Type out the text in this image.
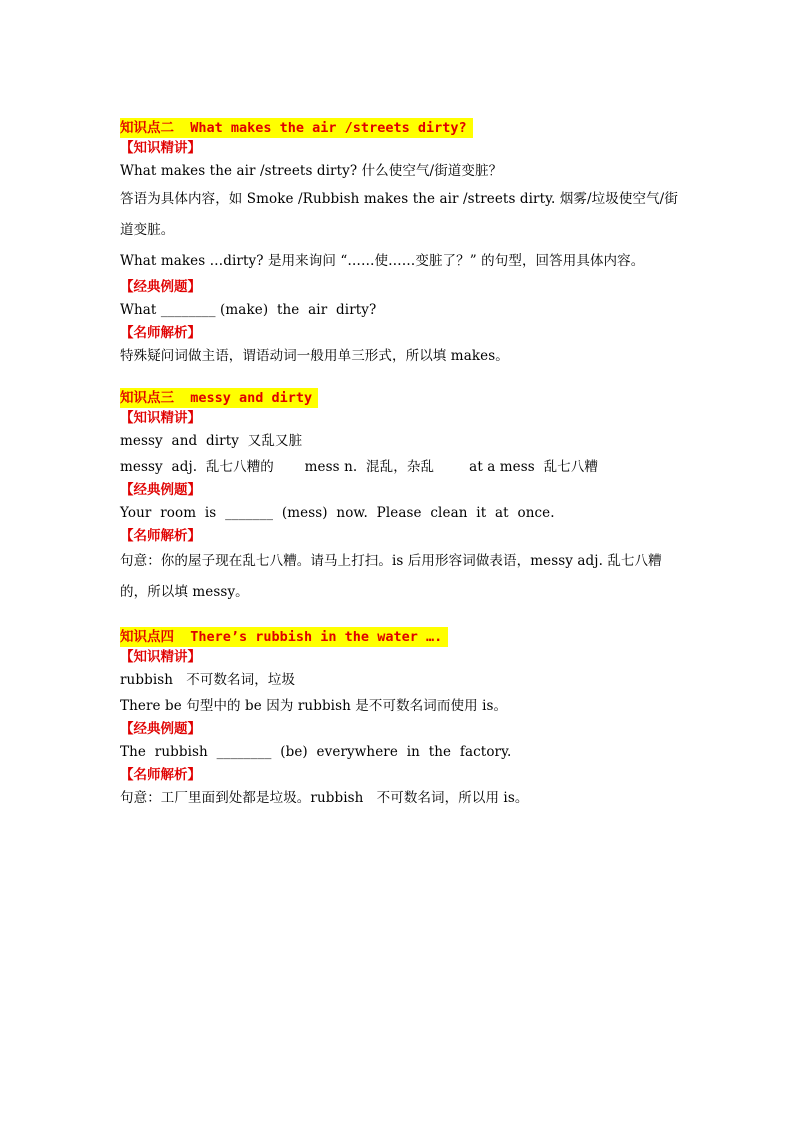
知识点二  What makes the air /streets dirty?
【知识精讲】
What makes the air /streets dirty? 什么使空气/街道变脏？
答语为具体内容，如 Smoke /Rubbish makes the air /streets dirty. 烟雾/垃圾使空气/街道变脏。
What makes …dirty? 是用来询问 “……使……变脏了？” 的句型，回答用具体内容。
【经典例题】
What ________ (make)  the  air  dirty?
【名师解析】
特殊疑问词做主语，谓语动词一般用单三形式，所以填 makes。
知识点三  messy and dirty
【知识精讲】
messy  and  dirty  又乱又脏
messy  adj.  乱七八糟的       mess n.  混乱，杂乱        at a mess  乱七八糟
【经典例题】
Your  room  is  _______  (mess)  now.  Please  clean  it  at  once.
【名师解析】
句意：你的屋子现在乱七八糟。请马上打扫。is 后用形容词做表语，messy adj. 乱七八糟的，所以填 messy。
知识点四  There’s rubbish in the water ….
【知识精讲】
rubbish   不可数名词，垃圾
There be 句型中的 be 因为 rubbish 是不可数名词而使用 is。
【经典例题】
The  rubbish  ________  (be)  everywhere  in  the  factory.
【名师解析】
句意：工厂里面到处都是垃圾。rubbish   不可数名词，所以用 is。
